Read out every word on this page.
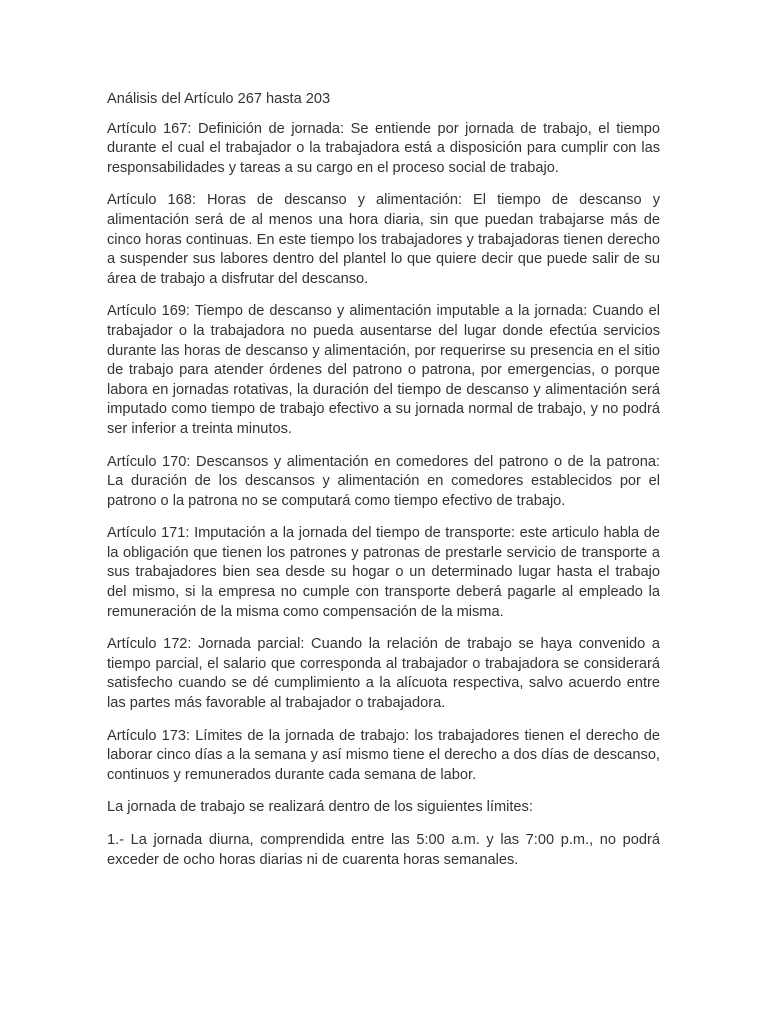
Análisis del Artículo 267 hasta 203

Artículo 167: Definición de jornada: Se entiende por jornada de trabajo, el tiempo durante el cual el trabajador o la trabajadora está a disposición para cumplir con las responsabilidades y tareas a su cargo en el proceso social de trabajo.

Artículo 168: Horas de descanso y alimentación: El tiempo de descanso y alimentación será de al menos una hora diaria, sin que puedan trabajarse más de cinco horas continuas. En este tiempo los trabajadores y trabajadoras tienen derecho a suspender sus labores dentro del plantel lo que quiere decir que puede salir de su área de trabajo a disfrutar del descanso.

Artículo 169: Tiempo de descanso y alimentación imputable a la jornada: Cuando el trabajador o la trabajadora no pueda ausentarse del lugar donde efectúa servicios durante las horas de descanso y alimentación, por requerirse su presencia en el sitio de trabajo para atender órdenes del patrono o patrona, por emergencias, o porque labora en jornadas rotativas, la duración del tiempo de descanso y alimentación será imputado como tiempo de trabajo efectivo a su jornada normal de trabajo, y no podrá ser inferior a treinta minutos.

Artículo 170: Descansos y alimentación en comedores del patrono o de la patrona: La duración de los descansos y alimentación en comedores establecidos por el patrono o la patrona no se computará como tiempo efectivo de trabajo.

Artículo 171: Imputación a la jornada del tiempo de transporte: este articulo habla de la obligación que tienen los patrones y patronas de prestarle servicio de transporte a sus trabajadores bien sea desde su hogar o un determinado lugar hasta el trabajo del mismo, si la empresa no cumple con transporte deberá pagarle al empleado la remuneración de la misma como compensación de la misma.

Artículo 172: Jornada parcial: Cuando la relación de trabajo se haya convenido a tiempo parcial, el salario que corresponda al trabajador o trabajadora se considerará satisfecho cuando se dé cumplimiento a la alícuota respectiva, salvo acuerdo entre las partes más favorable al trabajador o trabajadora.

Artículo 173: Límites de la jornada de trabajo: los trabajadores tienen el derecho de laborar cinco días a la semana y así mismo tiene el derecho a dos días de descanso, continuos y remunerados durante cada semana de labor.

La jornada de trabajo se realizará dentro de los siguientes límites:

1.- La jornada diurna, comprendida entre las 5:00 a.m. y las 7:00 p.m., no podrá exceder de ocho horas diarias ni de cuarenta horas semanales.
